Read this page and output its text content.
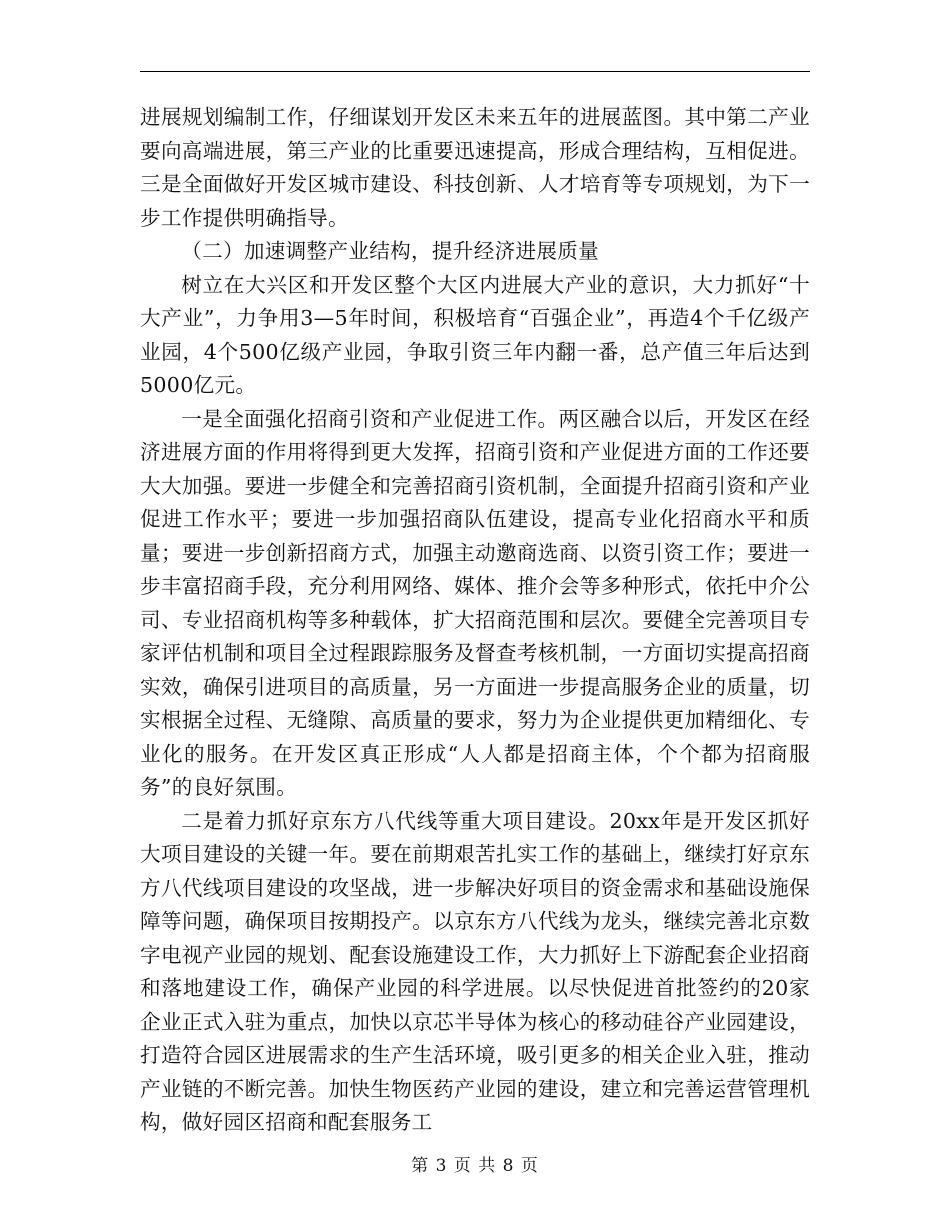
进展规划编制工作，仔细谋划开发区未来五年的进展蓝图。其中第二产业要向高端进展，第三产业的比重要迅速提高，形成合理结构，互相促进。三是全面做好开发区城市建设、科技创新、人才培育等专项规划，为下一步工作提供明确指导。

（二）加速调整产业结构，提升经济进展质量

树立在大兴区和开发区整个大区内进展大产业的意识，大力抓好“十大产业”，力争用3—5年时间，积极培育“百强企业”，再造4个千亿级产业园，4个500亿级产业园，争取引资三年内翻一番，总产值三年后达到5000亿元。

一是全面强化招商引资和产业促进工作。两区融合以后，开发区在经济进展方面的作用将得到更大发挥，招商引资和产业促进方面的工作还要大大加强。要进一步健全和完善招商引资机制，全面提升招商引资和产业促进工作水平；要进一步加强招商队伍建设，提高专业化招商水平和质量；要进一步创新招商方式，加强主动邀商选商、以资引资工作；要进一步丰富招商手段，充分利用网络、媒体、推介会等多种形式，依托中介公司、专业招商机构等多种载体，扩大招商范围和层次。要健全完善项目专家评估机制和项目全过程跟踪服务及督查考核机制，一方面切实提高招商实效，确保引进项目的高质量，另一方面进一步提高服务企业的质量，切实根据全过程、无缝隙、高质量的要求，努力为企业提供更加精细化、专业化的服务。在开发区真正形成“人人都是招商主体，个个都为招商服务”的良好氛围。

二是着力抓好京东方八代线等重大项目建设。20xx年是开发区抓好大项目建设的关键一年。要在前期艰苦扎实工作的基础上，继续打好京东方八代线项目建设的攻坚战，进一步解决好项目的资金需求和基础设施保障等问题，确保项目按期投产。以京东方八代线为龙头，继续完善北京数字电视产业园的规划、配套设施建设工作，大力抓好上下游配套企业招商和落地建设工作，确保产业园的科学进展。以尽快促进首批签约的20家企业正式入驻为重点，加快以京芯半导体为核心的移动硅谷产业园建设，打造符合园区进展需求的生产生活环境，吸引更多的相关企业入驻，推动产业链的不断完善。加快生物医药产业园的建设，建立和完善运营管理机构，做好园区招商和配套服务工

第 3 页 共 8 页
